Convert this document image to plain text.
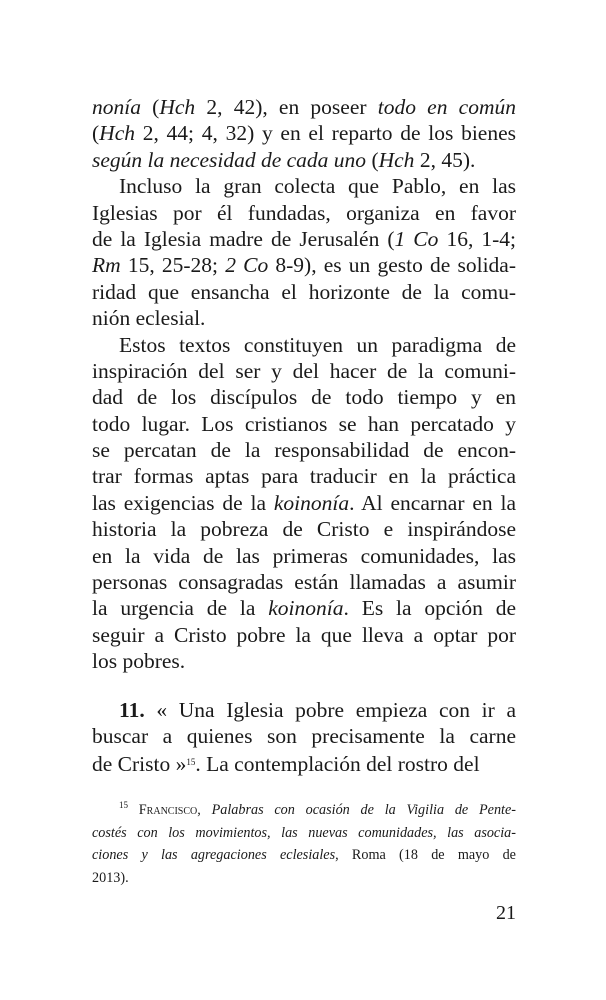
nonía (Hch 2, 42), en poseer todo en común
(Hch 2, 44; 4, 32) y en el reparto de los bienes
según la necesidad de cada uno (Hch 2, 45).
Incluso la gran colecta que Pablo, en las
Iglesias por él fundadas, organiza en favor
de la Iglesia madre de Jerusalén (1 Co 16, 1-4;
Rm 15, 25-28; 2 Co 8-9), es un gesto de solida-
ridad que ensancha el horizonte de la comu-
nión eclesial.
Estos textos constituyen un paradigma de
inspiración del ser y del hacer de la comuni-
dad de los discípulos de todo tiempo y en
todo lugar. Los cristianos se han percatado y
se percatan de la responsabilidad de encon-
trar formas aptas para traducir en la práctica
las exigencias de la koinonía. Al encarnar en la
historia la pobreza de Cristo e inspirándose
en la vida de las primeras comunidades, las
personas consagradas están llamadas a asumir
la urgencia de la koinonía. Es la opción de
seguir a Cristo pobre la que lleva a optar por
los pobres.
11. « Una Iglesia pobre empieza con ir a
buscar a quienes son precisamente la carne
de Cristo »$^{15}$. La contemplación del rostro del
$^{15}$ Francisco, Palabras con ocasión de la Vigilia de Pente-
costés con los movimientos, las nuevas comunidades, las asocia-
ciones y las agregaciones eclesiales, Roma (18 de mayo de
2013).
21
